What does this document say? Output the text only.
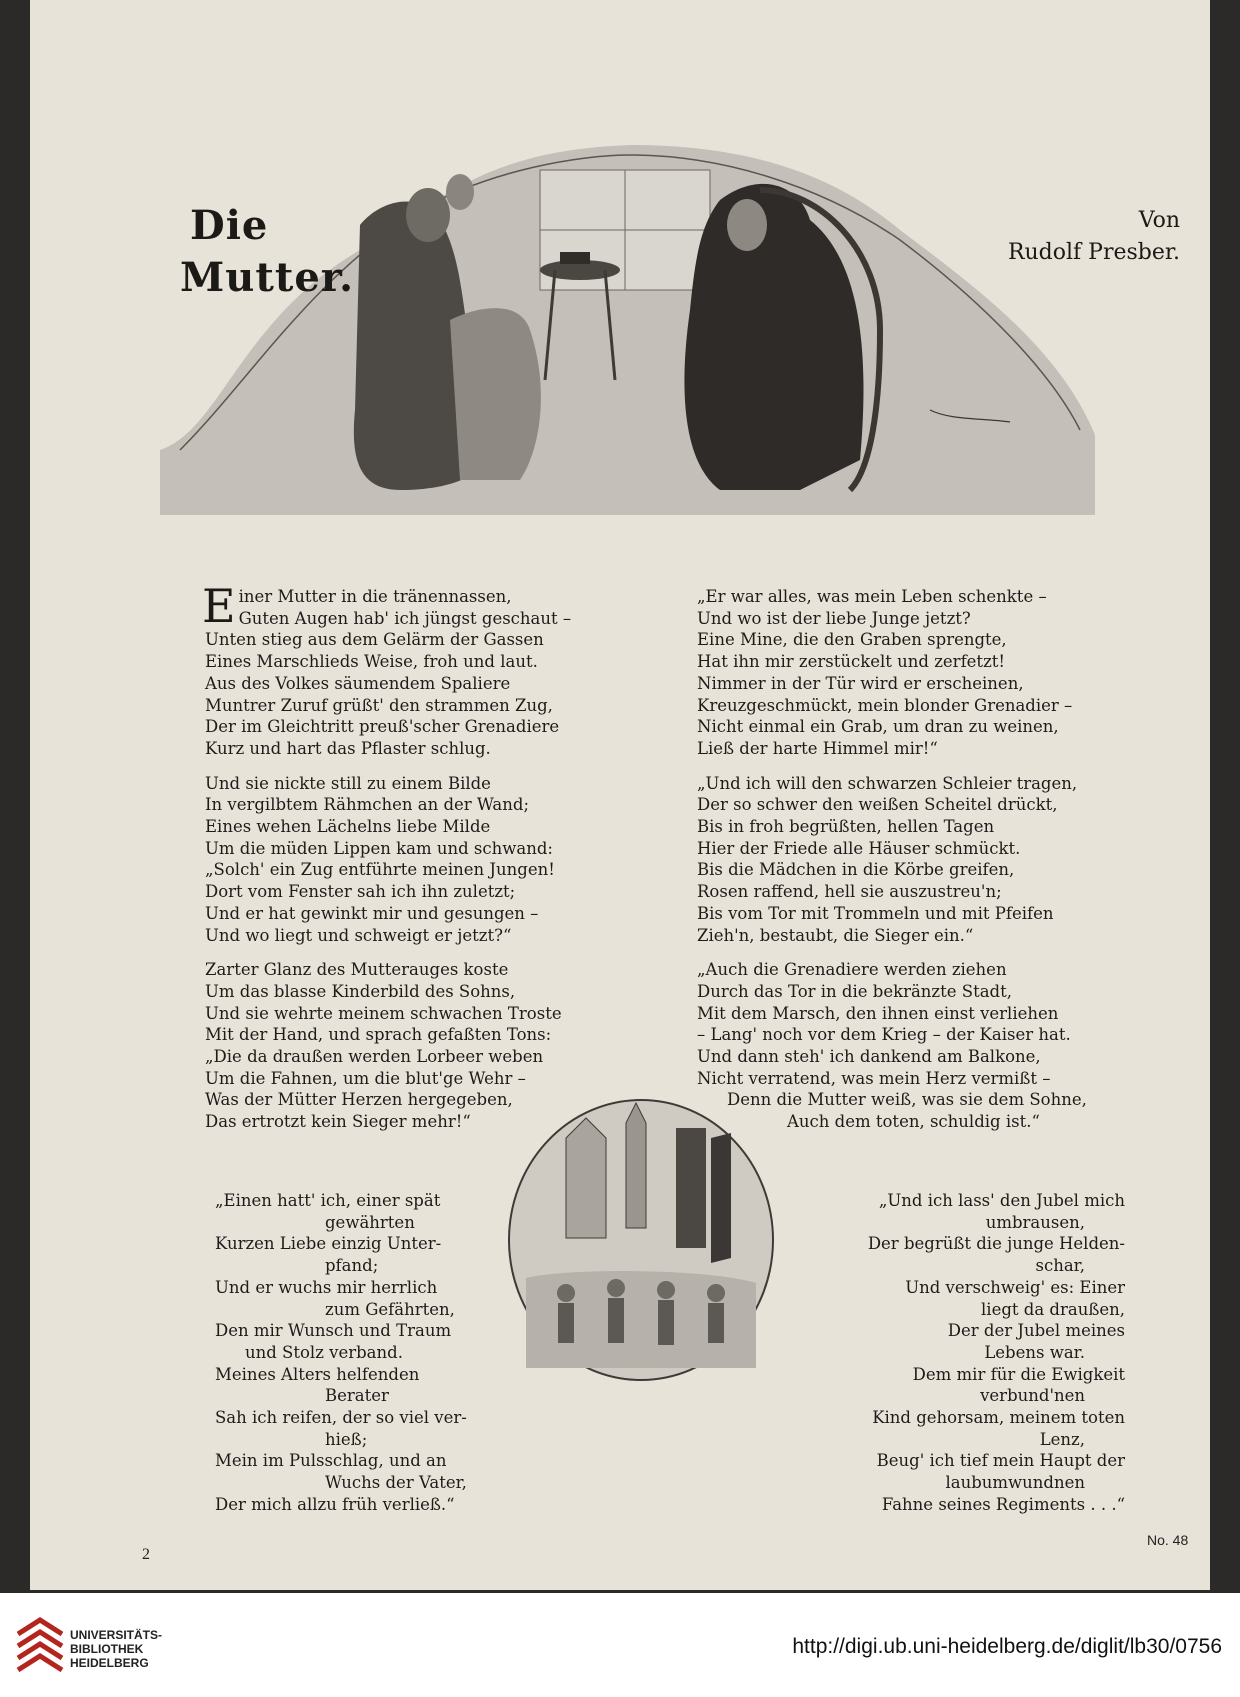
Die
Mutter.
Von
Rudolf Presber.
E iner Mutter in die tränennassen,
Guten Augen hab' ich jüngst geschaut –
Unten stieg aus dem Gelärm der Gassen
Eines Marschlieds Weise, froh und laut.
Aus des Volkes säumendem Spaliere
Muntrer Zuruf grüßt' den strammen Zug,
Der im Gleichtritt preuß'scher Grenadiere
Kurz und hart das Pflaster schlug.
Und sie nickte still zu einem Bilde
In vergilbtem Rähmchen an der Wand;
Eines wehen Lächelns liebe Milde
Um die müden Lippen kam und schwand:
„Solch' ein Zug entführte meinen Jungen!
Dort vom Fenster sah ich ihn zuletzt;
Und er hat gewinkt mir und gesungen –
Und wo liegt und schweigt er jetzt?“
Zarter Glanz des Mutterauges koste
Um das blasse Kinderbild des Sohns,
Und sie wehrte meinem schwachen Troste
Mit der Hand, und sprach gefaßten Tons:
„Die da draußen werden Lorbeer weben
Um die Fahnen, um die blut'ge Wehr –
Was der Mütter Herzen hergegeben,
Das ertrotzt kein Sieger mehr!“
„Er war alles, was mein Leben schenkte –
Und wo ist der liebe Junge jetzt?
Eine Mine, die den Graben sprengte,
Hat ihn mir zerstückelt und zerfetzt!
Nimmer in der Tür wird er erscheinen,
Kreuzgeschmückt, mein blonder Grenadier –
Nicht einmal ein Grab, um dran zu weinen,
Ließ der harte Himmel mir!“
„Und ich will den schwarzen Schleier tragen,
Der so schwer den weißen Scheitel drückt,
Bis in froh begrüßten, hellen Tagen
Hier der Friede alle Häuser schmückt.
Bis die Mädchen in die Körbe greifen,
Rosen raffend, hell sie auszustreu'n;
Bis vom Tor mit Trommeln und mit Pfeifen
Zieh'n, bestaubt, die Sieger ein.“
„Auch die Grenadiere werden ziehen
Durch das Tor in die bekränzte Stadt,
Mit dem Marsch, den ihnen einst verliehen
– Lang' noch vor dem Krieg – der Kaiser hat.
Und dann steh' ich dankend am Balkone,
Nicht verratend, was mein Herz vermißt –
Denn die Mutter weiß, was sie dem Sohne,
Auch dem toten, schuldig ist.“
„Einen hatt' ich, einer spät
gewährten
Kurzen Liebe einzig Unter-
pfand;
Und er wuchs mir herrlich
zum Gefährten,
Den mir Wunsch und Traum
und Stolz verband.
Meines Alters helfenden
Berater
Sah ich reifen, der so viel ver-
hieß;
Mein im Pulsschlag, und an
Wuchs der Vater,
Der mich allzu früh verließ.“
„Und ich lass' den Jubel mich
umbrausen,
Der begrüßt die junge Helden-
schar,
Und verschweig' es: Einer
liegt da draußen,
Der der Jubel meines
Lebens war.
Dem mir für die Ewigkeit
verbund'nen
Kind gehorsam, meinem toten
Lenz,
Beug' ich tief mein Haupt der
laubumwundnen
Fahne seines Regiments . . .“
No. 48
2
UNIVERSITÄTS-
BIBLIOTHEK
HEIDELBERG
http://digi.ub.uni-heidelberg.de/diglit/lb30/0756
